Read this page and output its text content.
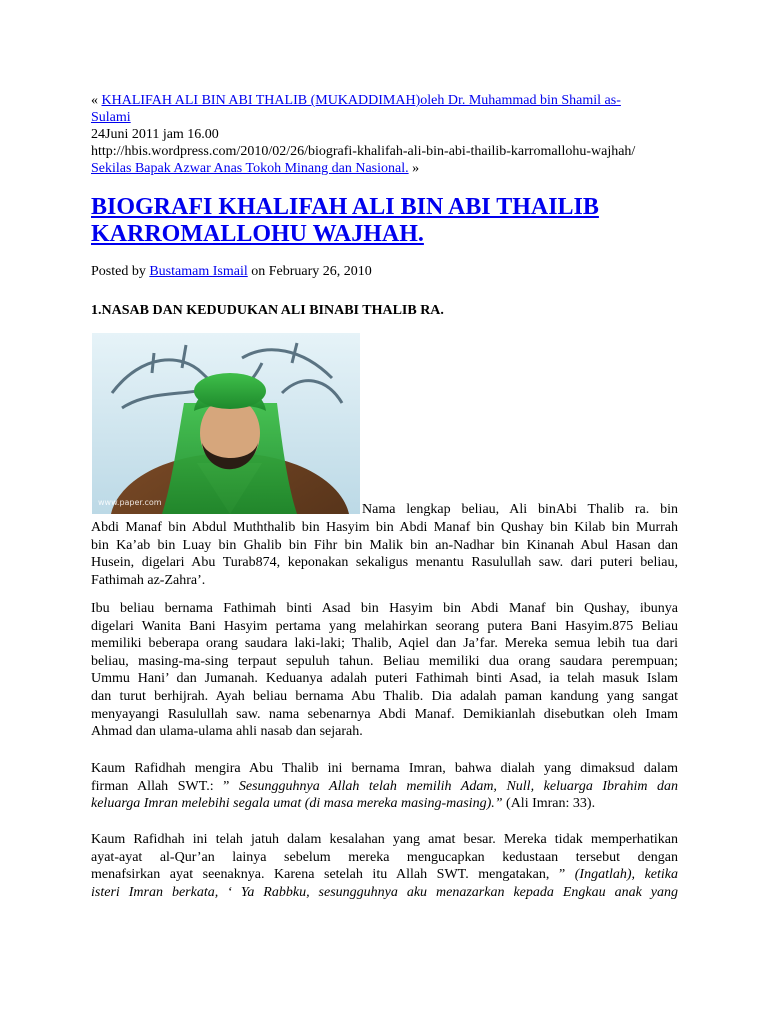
« KHALIFAH ALI BIN ABI THALIB (MUKADDIMAH)oleh Dr. Muhammad bin Shamil as-
Sulami
24Juni 2011 jam 16.00
http://hbis.wordpress.com/2010/02/26/biografi-khalifah-ali-bin-abi-thailib-karromallohu-wajhah/
Sekilas Bapak Azwar Anas Tokoh Minang dan Nasional. »
BIOGRAFI KHALIFAH ALI BIN ABI THAILIB
KARROMALLOHU WAJHAH.
Posted by Bustamam Ismail on February 26, 2010
1.NASAB DAN KEDUDUKAN ALI BINABI THALIB RA.
www.paper.com	Nama lengkap beliau, Ali binAbi Thalib ra. bin
Abdi Manaf bin Abdul Muththalib bin Hasyim bin Abdi Manaf bin Qushay bin Kilab bin Murrah
bin Ka’ab bin Luay bin Ghalib bin Fihr bin Malik bin an-Nadhar bin Kinanah Abul Hasan dan
Husein, digelari Abu Turab874, keponakan sekaligus menantu Rasulullah saw. dari puteri beliau,
Fathimah az-Zahra’.
Ibu beliau bernama Fathimah binti Asad bin Hasyim bin Abdi Manaf bin Qushay, ibunya
digelari Wanita Bani Hasyim pertama yang melahirkan seorang putera Bani Hasyim.875 Beliau
memiliki beberapa orang saudara laki-laki; Thalib, Aqiel dan Ja’far. Mereka semua lebih tua dari
beliau, masing-ma-sing terpaut sepuluh tahun. Beliau memiliki dua orang saudara perempuan;
Ummu Hani’ dan Jumanah. Keduanya adalah puteri Fathimah binti Asad, ia telah masuk Islam
dan turut berhijrah. Ayah beliau bernama Abu Thalib. Dia adalah paman kandung yang sangat
menyayangi Rasulullah saw. nama sebenarnya Abdi Manaf. Demikianlah disebutkan oleh Imam
Ahmad dan ulama-ulama ahli nasab dan sejarah.
Kaum Rafidhah mengira Abu Thalib ini bernama Imran, bahwa dialah yang dimaksud dalam
firman Allah SWT.: ” Sesungguhnya Allah telah memilih Adam, Null, keluarga Ibrahim dan
keluarga Imran melebihi segala umat (di masa mereka masing-masing).” (Ali Imran: 33).
Kaum Rafidhah ini telah jatuh dalam kesalahan yang amat besar. Mereka tidak memperhatikan
ayat-ayat al-Qur’an lainya sebelum mereka mengucapkan kedustaan tersebut dengan
menafsirkan ayat seenaknya. Karena setelah itu Allah SWT. mengatakan, ” (Ingatlah), ketika
isteri Imran berkata, ‘ Ya Rabbku, sesungguhnya aku menazarkan kepada Engkau anak yang
